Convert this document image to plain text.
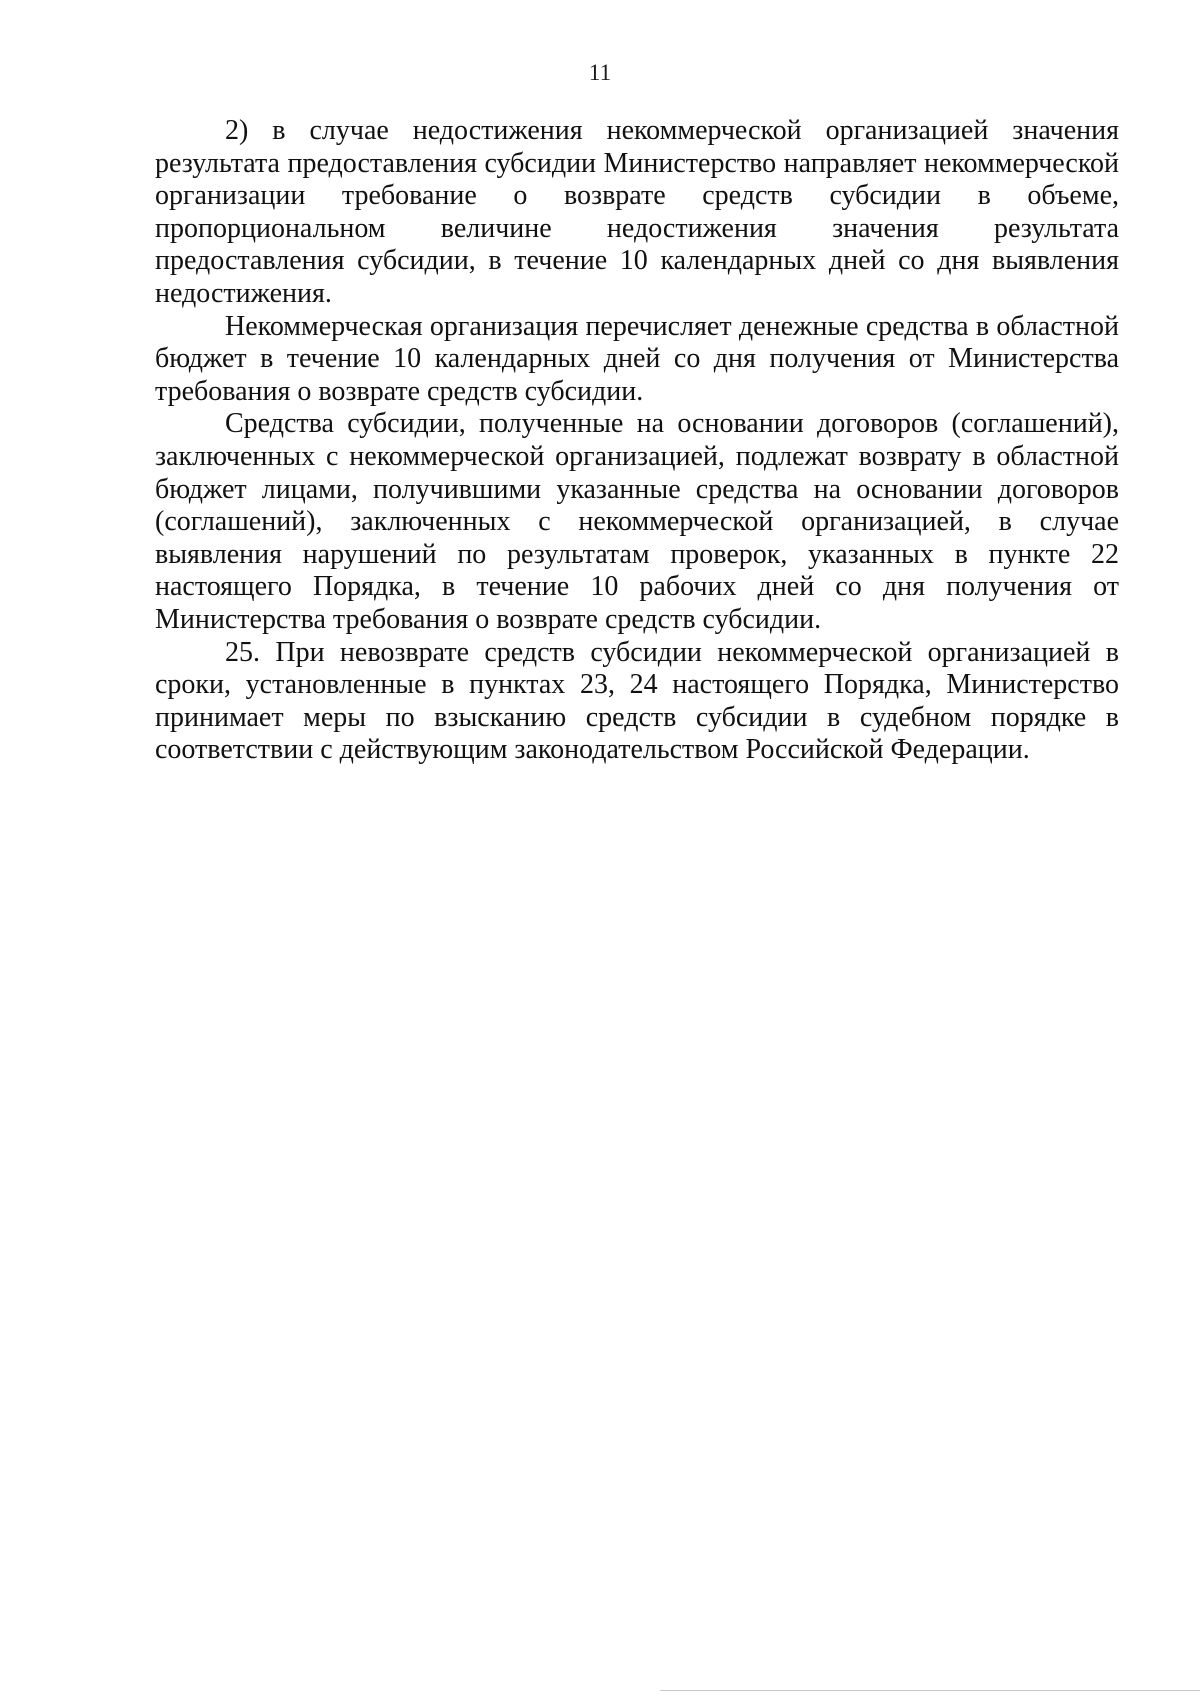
11

2) в случае недостижения некоммерческой организацией значения результата предоставления субсидии Министерство направляет некоммерческой организации требование о возврате средств субсидии в объеме, пропорциональном величине недостижения значения результата предоставления субсидии, в течение 10 календарных дней со дня выявления недостижения.

Некоммерческая организация перечисляет денежные средства в областной бюджет в течение 10 календарных дней со дня получения от Министерства требования о возврате средств субсидии.

Средства субсидии, полученные на основании договоров (соглашений), заключенных с некоммерческой организацией, подлежат возврату в областной бюджет лицами, получившими указанные средства на основании договоров (соглашений), заключенных с некоммерческой организацией, в случае выявления нарушений по результатам проверок, указанных в пункте 22 настоящего Порядка, в течение 10 рабочих дней со дня получения от Министерства требования о возврате средств субсидии.

25. При невозврате средств субсидии некоммерческой организацией в сроки, установленные в пунктах 23, 24 настоящего Порядка, Министерство принимает меры по взысканию средств субсидии в судебном порядке в соответствии с действующим законодательством Российской Федерации.
